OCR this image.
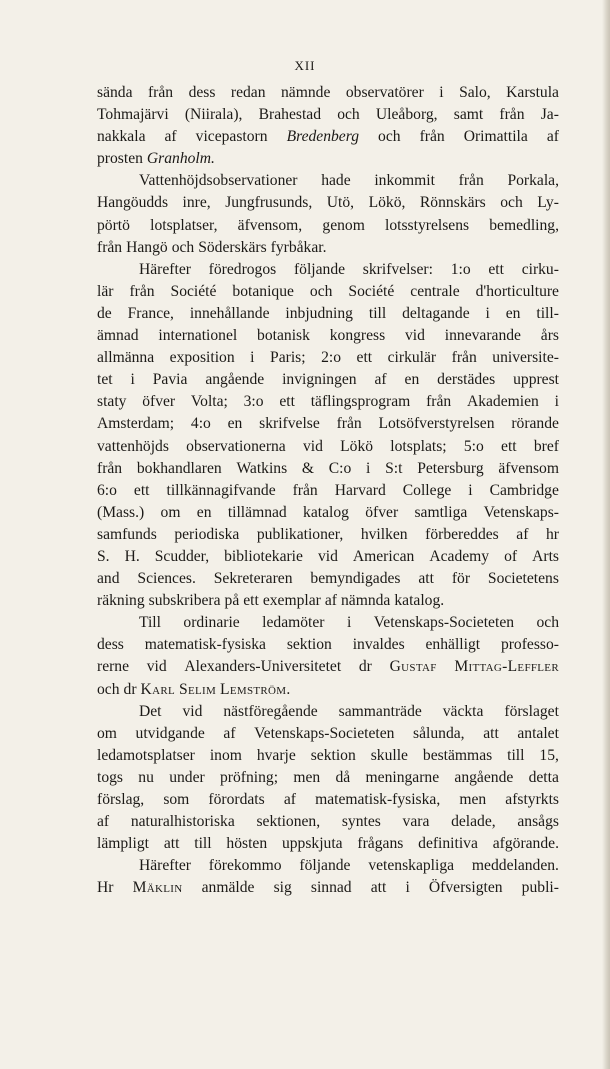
XII
sända från dess redan nämnde observatörer i Salo, Karstula
Tohmajärvi (Niirala), Brahestad och Uleåborg, samt från Ja-
nakkala af vicepastorn Bredenberg och från Orimattila af
prosten Granholm.
Vattenhöjdsobservationer hade inkommit från Porkala,
Hangöudds inre, Jungfrusunds, Utö, Lökö, Rönnskärs och Ly-
pörtö lotsplatser, äfvensom, genom lotsstyrelsens bemedling,
från Hangö och Söderskärs fyrbåkar.
Härefter föredrogos följande skrifvelser: 1:o ett cirku-
lär från Société botanique och Société centrale d'horticulture
de France, innehållande inbjudning till deltagande i en till-
ämnad internationel botanisk kongress vid innevarande års
allmänna exposition i Paris; 2:o ett cirkulär från universite-
tet i Pavia angående invigningen af en derstädes upprest
staty öfver Volta; 3:o ett täflingsprogram från Akademien i
Amsterdam; 4:o en skrifvelse från Lotsöfverstyrelsen rörande
vattenhöjds observationerna vid Lökö lotsplats; 5:o ett bref
från bokhandlaren Watkins & C:o i S:t Petersburg äfvensom
6:o ett tillkännagifvande från Harvard College i Cambridge
(Mass.) om en tillämnad katalog öfver samtliga Vetenskaps-
samfunds periodiska publikationer, hvilken förbereddes af hr
S. H. Scudder, bibliotekarie vid American Academy of Arts
and Sciences. Sekreteraren bemyndigades att för Societetens
räkning subskribera på ett exemplar af nämnda katalog.
Till ordinarie ledamöter i Vetenskaps-Societeten och
dess matematisk-fysiska sektion invaldes enhälligt professo-
rerne vid Alexanders-Universitetet dr Gustaf Mittag-Leffler
och dr Karl Selim Lemström.
Det vid nästföregående sammanträde väckta förslaget
om utvidgande af Vetenskaps-Societeten sålunda, att antalet
ledamotsplatser inom hvarje sektion skulle bestämmas till 15,
togs nu under pröfning; men då meningarne angående detta
förslag, som förordats af matematisk-fysiska, men afstyrkts
af naturalhistoriska sektionen, syntes vara delade, ansågs
lämpligt att till hösten uppskjuta frågans definitiva afgörande.
Härefter förekommo följande vetenskapliga meddelanden.
Hr Mäklin anmälde sig sinnad att i Öfversigten publi-
